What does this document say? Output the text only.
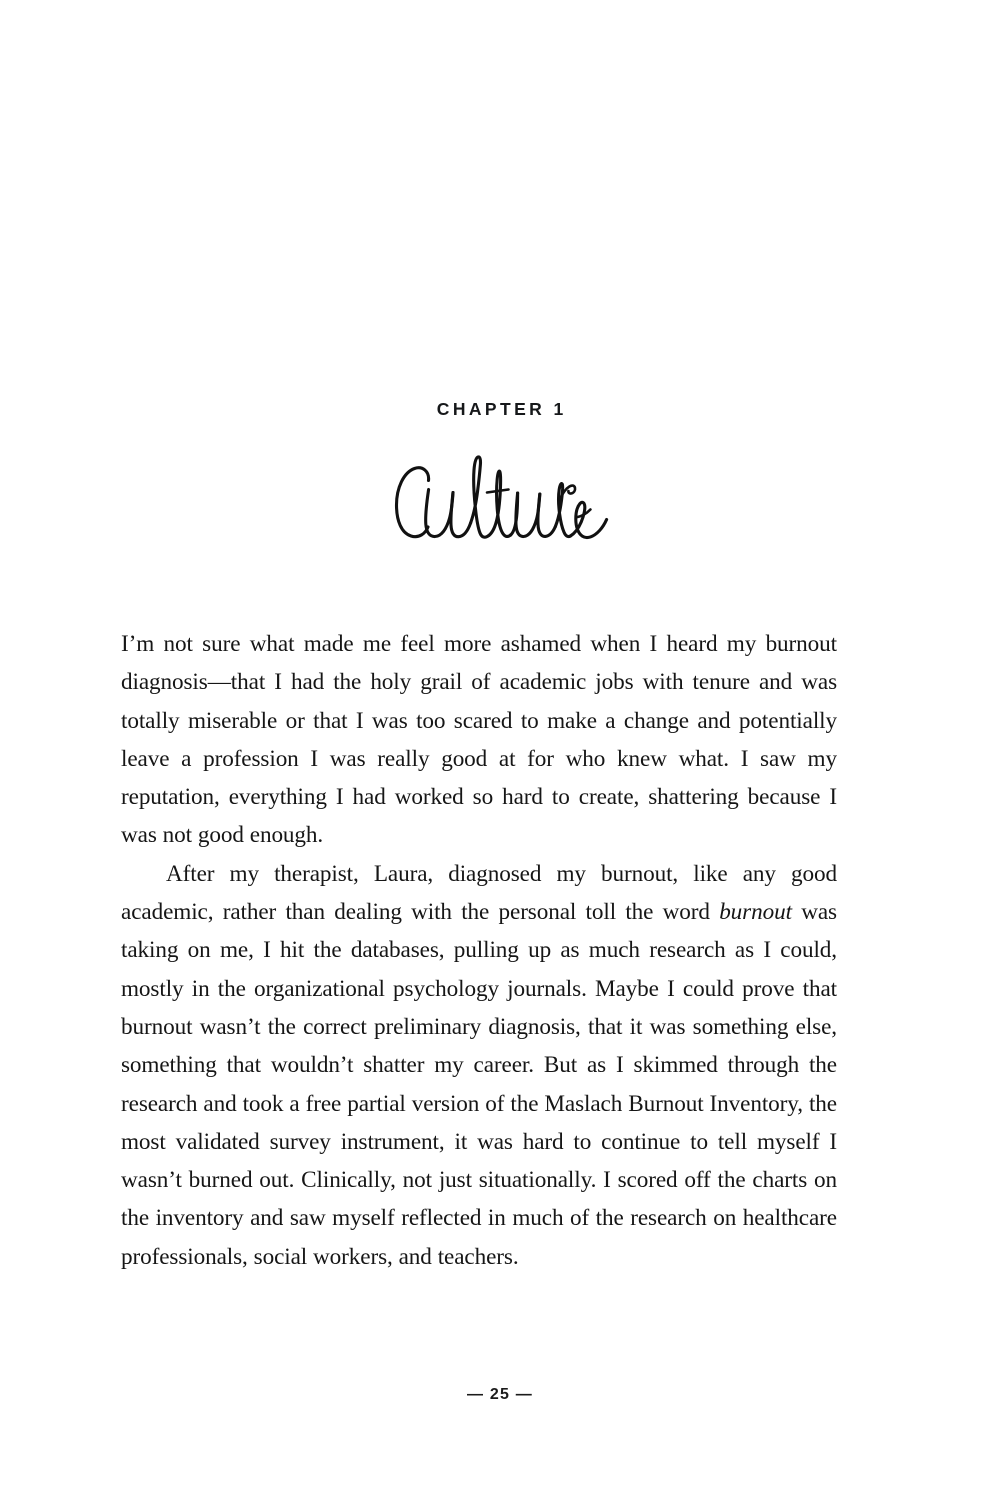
CHAPTER 1

I’m not sure what made me feel more ashamed when I heard my burnout diagnosis—that I had the holy grail of academic jobs with tenure and was totally miserable or that I was too scared to make a change and potentially leave a profession I was really good at for who knew what. I saw my reputation, everything I had worked so hard to create, shattering because I was not good enough.

After my therapist, Laura, diagnosed my burnout, like any good academic, rather than dealing with the personal toll the word burnout was taking on me, I hit the databases, pulling up as much research as I could, mostly in the organizational psychology journals. Maybe I could prove that burnout wasn’t the correct preliminary diagnosis, that it was something else, something that wouldn’t shatter my career. But as I skimmed through the research and took a free partial version of the Maslach Burnout Inventory, the most validated survey instrument, it was hard to continue to tell myself I wasn’t burned out. Clinically, not just situationally. I scored off the charts on the inventory and saw myself reflected in much of the research on healthcare professionals, social workers, and teachers.

— 25 —
